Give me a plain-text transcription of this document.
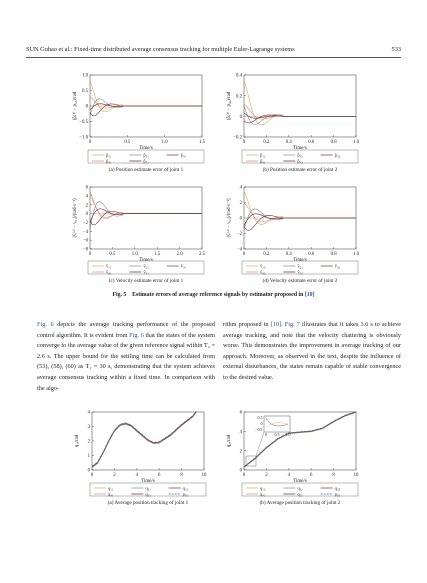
SUN Guhao et al.: Fixed-time distributed average consensus tracking for multiple Euler-Lagrange systems	533
0	0.5	1.0	1.5
−1.0
−0.5
0
0.5
1.0
Time/s
(p̂ᵢ⁽¹⁾ − p₀₁)/rad
p̂₁₁	p̂₂₁	p̂₃₁
p̂₄₁	p̂₅₁
(a) Position estimate error of joint 1
0	0.2	0.4	0.6	0.8	1.0
−0.2
0
0.2
0.4
Time/s
(p̂ᵢ⁽²⁾ − p₀₂)/rad
p̂₁₂	p̂₂₂	p̂₃₂
p̂₄₂	p̂₅₂
(b) Position estimate error of joint 2
0	0.5	1.0	1.5	2.0	2.5
−8
−6
−4
−2
0
2
4
6
Time/s
(v̂ᵢ⁽¹⁾ − v₀₁)/(rad·s⁻¹)
v̂₁₁	v̂₂₁	v̂₃₁
v̂₄₁	v̂₅₁
(c) Velocity estimate error of joint 1
0	0.2	0.4	0.6	0.8	1.0
−4
−2
0
2
4
Time/s
(v̂ᵢ⁽²⁾ − v₀₂)/(rad·s⁻¹)
v̂₁₂	v̂₂₂	v̂₃₂
v̂₄₂	v̂₅₂
(d) Velocity estimate error of joint 2
0	2	4	6	8	10
0
1
2
3
4
Time/s
q₁ᵢ/rad
q₁₁	q₂₁	q₃₁
q₄₁	q₅₁	p₀₁
(a) Average position tracking of joint 1
0	2	4	6	8	10
0
2
4
6
Time/s
q₂ᵢ/rad
0.5
0
−0.5
0 0.5 1.0
q₁₂	q₂₂	q₃₂
q₄₂	q₅₂	p₀₂
(b) Average position tracking of joint 2
Fig. 5 Estimate errors of average reference signals by estimator proposed in [10]

Fig. 6 depicts the average tracking performance of the proposed control algorithm. It is evident from Fig. 6 that the states of the system converge to the average value of the given reference signal within T₂ = 2.6 s. The upper bound for the settling time can be calculated from (53), (58), (60) as T₂ = 30 s, demonstrating that the system achieves average consensus tracking within a fixed time. In comparison with the algo-

rithm proposed in [10]. Fig. 7 illustrates that it takes 3.6 s to achieve average tracking, and note that the velocity chattering is obviously worse. This demonstrates the improvement in average tracking of our approach. Moreover, as observed in the text, despite the influence of external disturbances, the states remain capable of stable convergence to the desired value.
